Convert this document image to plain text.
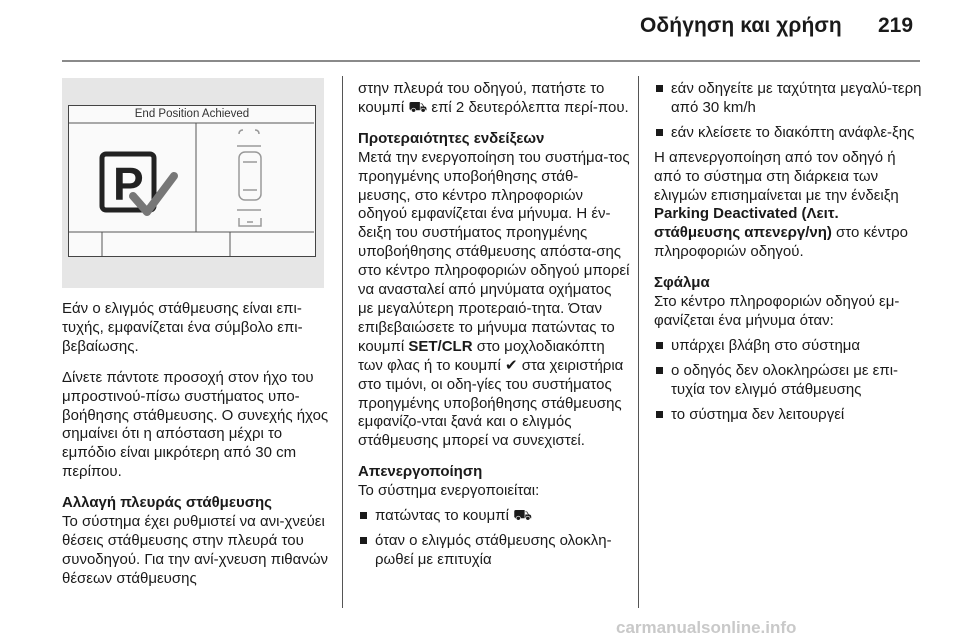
Οδήγηση και χρήση 219
End Position Achieved
P

Εάν ο ελιγμός στάθμευσης είναι επι-τυχής, εμφανίζεται ένα σύμβολο επι-βεβαίωσης.

Δίνετε πάντοτε προσοχή στον ήχο του μπροστινού-πίσω συστήματος υπο-βοήθησης στάθμευσης. Ο συνεχής ήχος σημαίνει ότι η απόσταση μέχρι το εμπόδιο είναι μικρότερη από 30 cm περίπου.

Αλλαγή πλευράς στάθμευσης

Το σύστημα έχει ρυθμιστεί να ανι-χνεύει θέσεις στάθμευσης στην πλευρά του συνοδηγού. Για την ανί-χνευση πιθανών θέσεων στάθμευσης

στην πλευρά του οδηγού, πατήστε το κουμπί ⛟ επί 2 δευτερόλεπτα περί-που.

Προτεραιότητες ενδείξεων

Μετά την ενεργοποίηση του συστήμα-τος προηγμένης υποβοήθησης στάθ-μευσης, στο κέντρο πληροφοριών οδηγού εμφανίζεται ένα μήνυμα. Η έν-δειξη του συστήματος προηγμένης υποβοήθησης στάθμευσης απόστα-σης στο κέντρο πληροφοριών οδηγού μπορεί να ανασταλεί από μηνύματα οχήματος με μεγαλύτερη προτεραιό-τητα. Όταν επιβεβαιώσετε το μήνυμα πατώντας το κουμπί SET/CLR στο μοχλοδιακόπτη των φλας ή το κουμπί ✔ στα χειριστήρια στο τιμόνι, οι οδη-γίες του συστήματος προηγμένης υποβοήθησης στάθμευσης εμφανίζο-νται ξανά και ο ελιγμός στάθμευσης μπορεί να συνεχιστεί.

Απενεργοποίηση

Το σύστημα ενεργοποιείται:

πατώντας το κουμπί ⛟
όταν ο ελιγμός στάθμευσης ολοκλη-ρωθεί με επιτυχία
εάν οδηγείτε με ταχύτητα μεγαλύ-τερη από 30 km/h
εάν κλείσετε το διακόπτη ανάφλε-ξης

Η απενεργοποίηση από τον οδηγό ή από το σύστημα στη διάρκεια των ελιγμών επισημαίνεται με την ένδειξη Parking Deactivated (Λειτ. στάθμευσης απενεργ/νη) στο κέντρο πληροφοριών οδηγού.

Σφάλμα

Στο κέντρο πληροφοριών οδηγού εμ-φανίζεται ένα μήνυμα όταν:

υπάρχει βλάβη στο σύστημα
ο οδηγός δεν ολοκληρώσει με επι-τυχία τον ελιγμό στάθμευσης
το σύστημα δεν λειτουργεί
carmanualsonline.info
